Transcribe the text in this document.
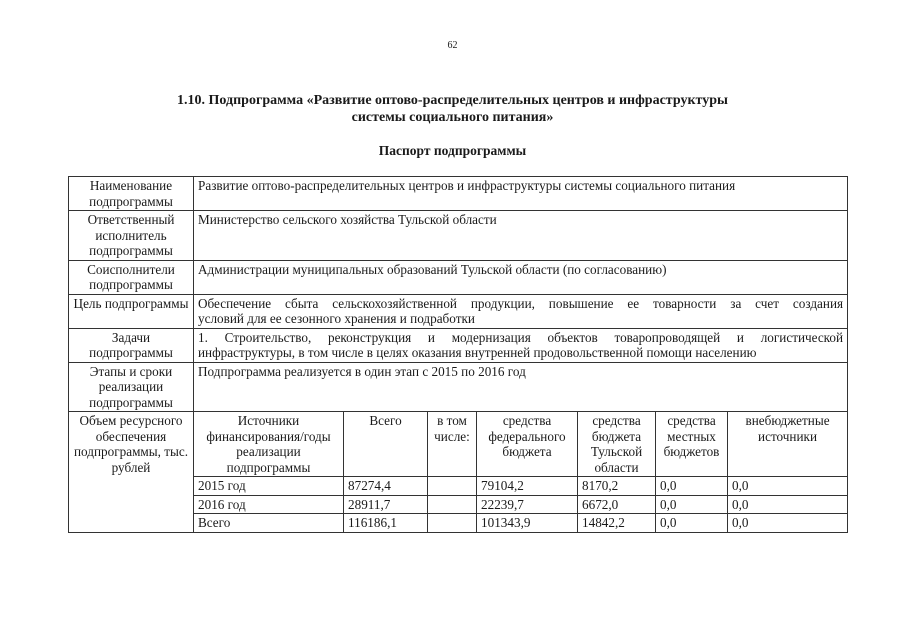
62
1.10. Подпрограмма «Развитие оптово-распределительных центров и инфраструктуры
системы социального питания»
Паспорт подпрограммы
Наименование подпрограммы	Развитие оптово-распределительных центров и инфраструктуры системы социального питания						
Ответственный исполнитель подпрограммы	Министерство сельского хозяйства Тульской области						
Соисполнители подпрограммы	Администрации муниципальных образований Тульской области (по согласованию)						
Цель подпрограммы	Обеспечение сбыта сельскохозяйственной продукции, повышение ее товарности за счет создания
условий для ее сезонного хранения и подработки						

Задачи подпрограммы	1. Строительство, реконструкция и модернизация объектов товаропроводящей и логистической
инфраструктуры, в том числе в целях оказания внутренней продовольственной помощи населению						

Этапы и сроки реализации подпрограммы	Подпрограмма реализуется в один этап с 2015 по 2016 год						
Объем ресурсного обеспечения подпрограммы, тыс. рублей	Источники финансирования/годы реализации подпрограммы	Всего	в том числе:	средства федерального бюджета	средства бюджета Тульской области	средства местных бюджетов	внебюджетные источники
	2015 год	87274,4		79104,2	8170,2	0,0	0,0
	2016 год	28911,7		22239,7	6672,0	0,0	0,0
	Всего	116186,1		101343,9	14842,2	0,0	0,0
